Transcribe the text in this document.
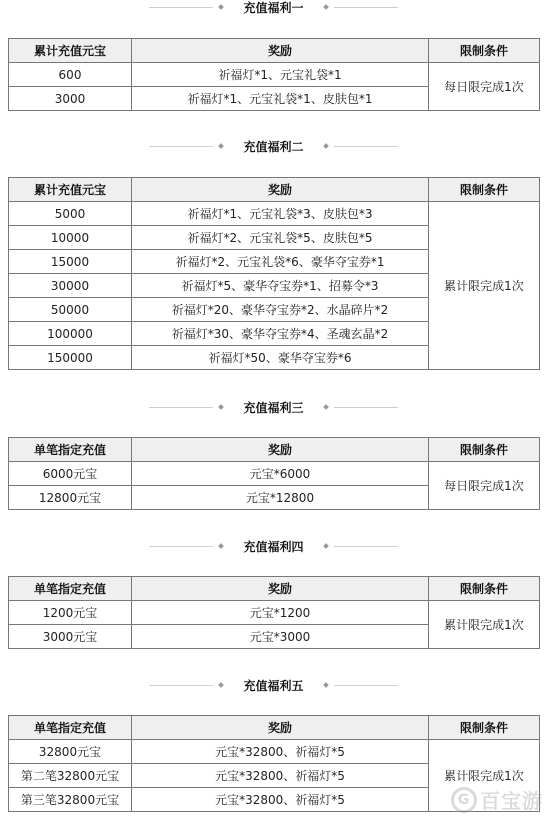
充值福利一
累计充值元宝	奖励	限制条件
600	祈福灯*1、元宝礼袋*1	每日限完成1次
3000	祈福灯*1、元宝礼袋*1、皮肤包*1	
充值福利二
累计充值元宝	奖励	限制条件
5000	祈福灯*1、元宝礼袋*3、皮肤包*3	累计限完成1次
10000	祈福灯*2、元宝礼袋*5、皮肤包*5	
15000	祈福灯*2、元宝礼袋*6、豪华夺宝券*1	
30000	祈福灯*5、豪华夺宝券*1、招募令*3	
50000	祈福灯*20、豪华夺宝券*2、水晶碎片*2	
100000	祈福灯*30、豪华夺宝券*4、圣魂玄晶*2	
150000	祈福灯*50、豪华夺宝券*6	
充值福利三
单笔指定充值	奖励	限制条件
6000元宝	元宝*6000	每日限完成1次
12800元宝	元宝*12800	
充值福利四
单笔指定充值	奖励	限制条件
1200元宝	元宝*1200	累计限完成1次
3000元宝	元宝*3000	
充值福利五
单笔指定充值	奖励	限制条件
32800元宝	元宝*32800、祈福灯*5	累计限完成1次
第二笔32800元宝	元宝*32800、祈福灯*5	
第三笔32800元宝	元宝*32800、祈福灯*5		G 百宝游
